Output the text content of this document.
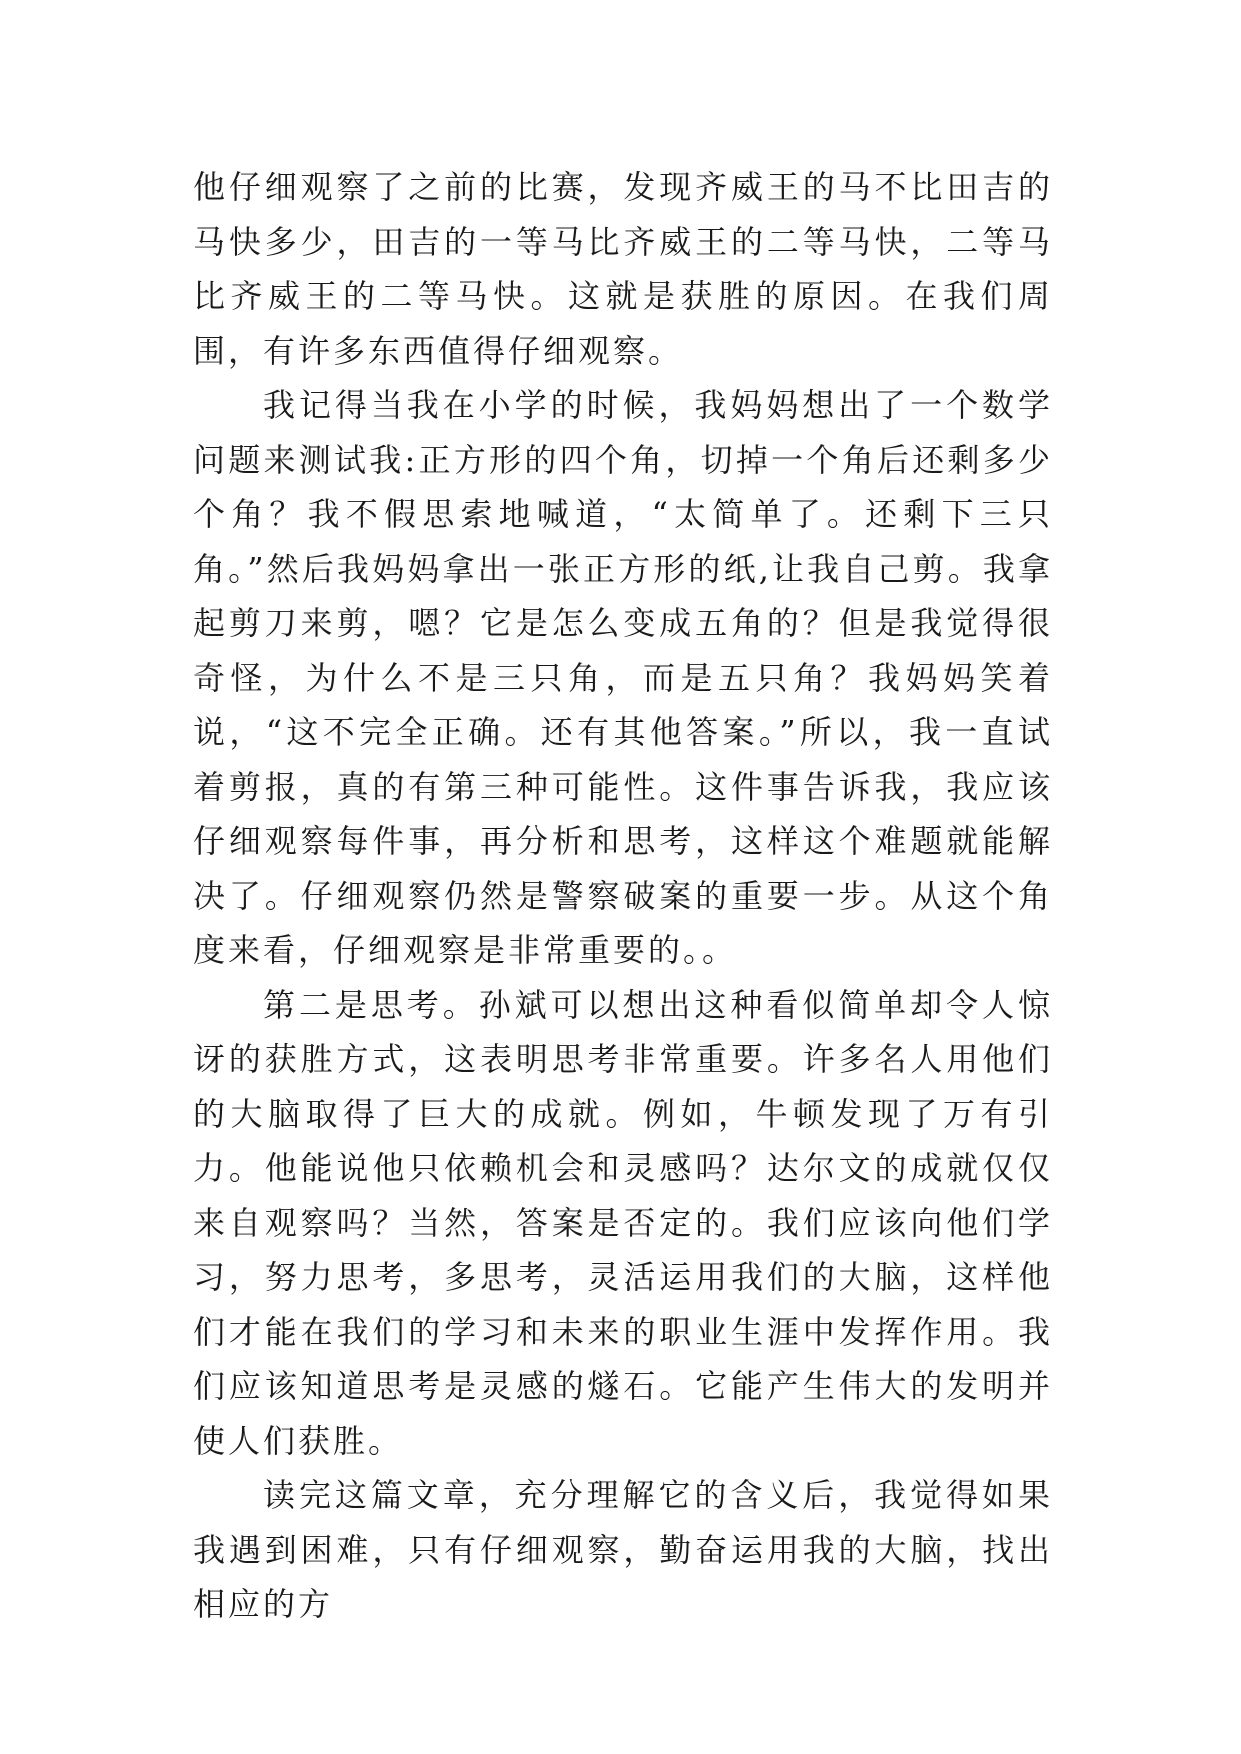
他仔细观察了之前的比赛，发现齐威王的马不比田吉的马快多少，田吉的一等马比齐威王的二等马快，二等马比齐威王的二等马快。这就是获胜的原因。在我们周围，有许多东西值得仔细观察。

我记得当我在小学的时候，我妈妈想出了一个数学问题来测试我:正方形的四个角，切掉一个角后还剩多少个角？我不假思索地喊道，“太简单了。还剩下三只角。”然后我妈妈拿出一张正方形的纸,让我自己剪。我拿起剪刀来剪，嗯？它是怎么变成五角的？但是我觉得很奇怪，为什么不是三只角，而是五只角？我妈妈笑着说，“这不完全正确。还有其他答案。”所以，我一直试着剪报，真的有第三种可能性。这件事告诉我，我应该仔细观察每件事，再分析和思考，这样这个难题就能解决了。仔细观察仍然是警察破案的重要一步。从这个角度来看，仔细观察是非常重要的。。

第二是思考。孙斌可以想出这种看似简单却令人惊讶的获胜方式，这表明思考非常重要。许多名人用他们的大脑取得了巨大的成就。例如，牛顿发现了万有引力。他能说他只依赖机会和灵感吗？达尔文的成就仅仅来自观察吗？当然，答案是否定的。我们应该向他们学习，努力思考，多思考，灵活运用我们的大脑，这样他们才能在我们的学习和未来的职业生涯中发挥作用。我们应该知道思考是灵感的燧石。它能产生伟大的发明并使人们获胜。

读完这篇文章，充分理解它的含义后，我觉得如果我遇到困难，只有仔细观察，勤奋运用我的大脑，找出相应的方
